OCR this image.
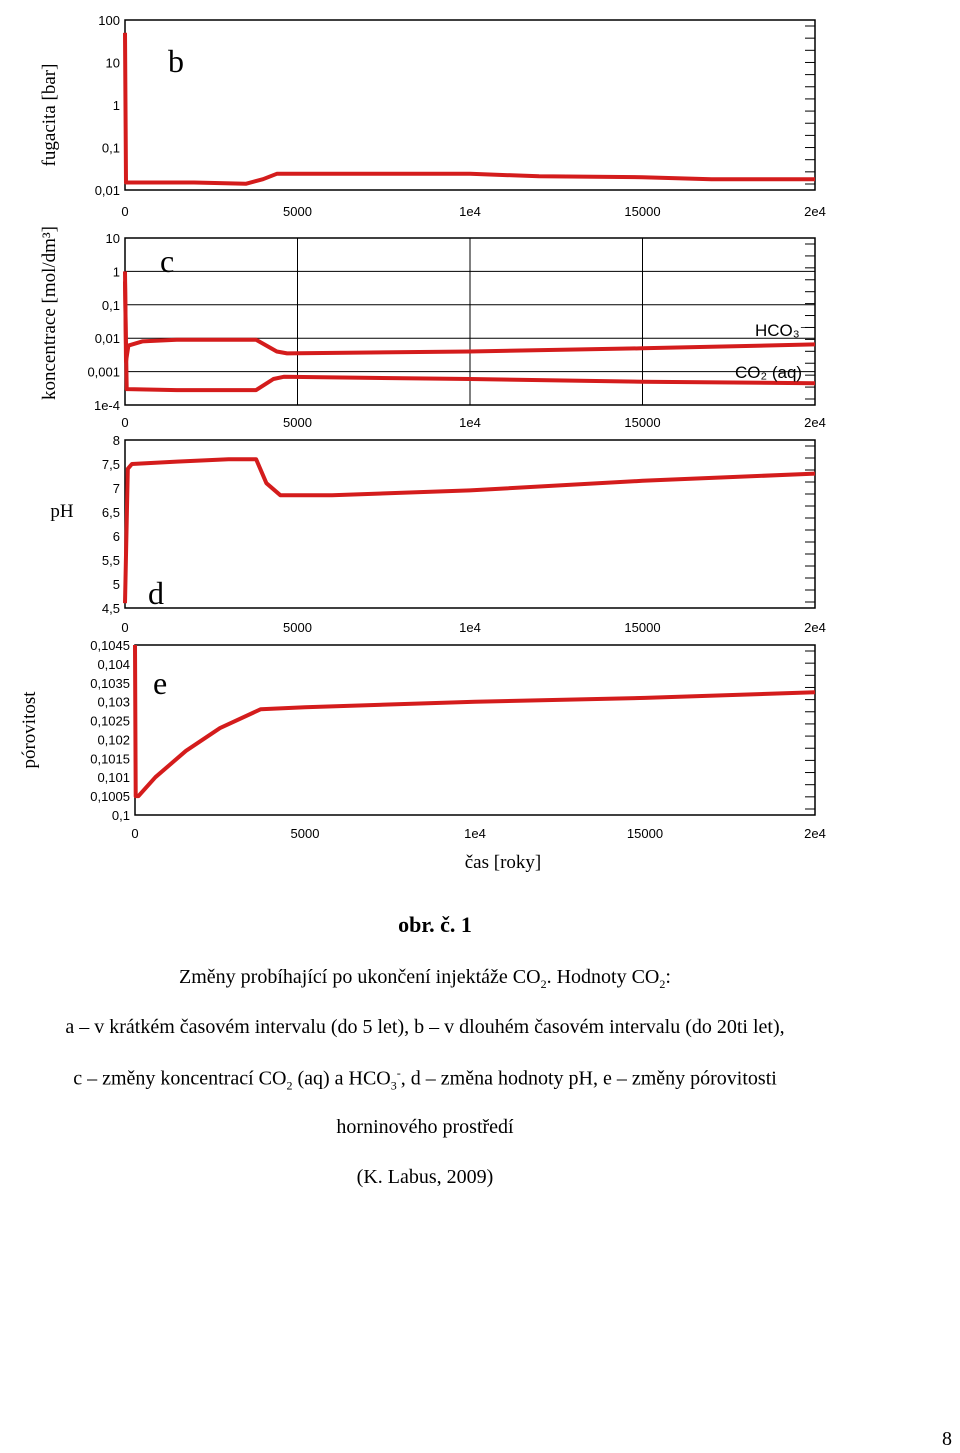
100
10
1
0,1
0,01
0	5000	1e4	15000	2e4
fugacita [bar]
b
10
1
0,1
0,01
0,001
1e-4
0	5000	1e4	15000	2e4
koncentrace [mol/dm³]	c
8
7,5
7
6,5
6
5,5
5
4,5
0	5000	1e4	15000	2e4
pH
d
0,1045
0,104
0,1035
0,103
0,1025
0,102
0,1015
0,101
0,1005
0,1
0	5000	1e4	15000	2e4
pórovitost
e
HCO₃⁻
CO₂ (aq)
čas [roky]
obr. č. 1
Změny probíhající po ukončení injektáže $CO_2$. Hodnoty $CO_2$:
a – v krátkém časovém intervalu (do 5 let), b – v dlouhém časovém intervalu (do 20ti let),
c – změny koncentrací $CO_2$ (aq) a $HCO_3^-$, d – změna hodnoty pH, e – změny pórovitosti
horninového prostředí
(K. Labus, 2009)
8
